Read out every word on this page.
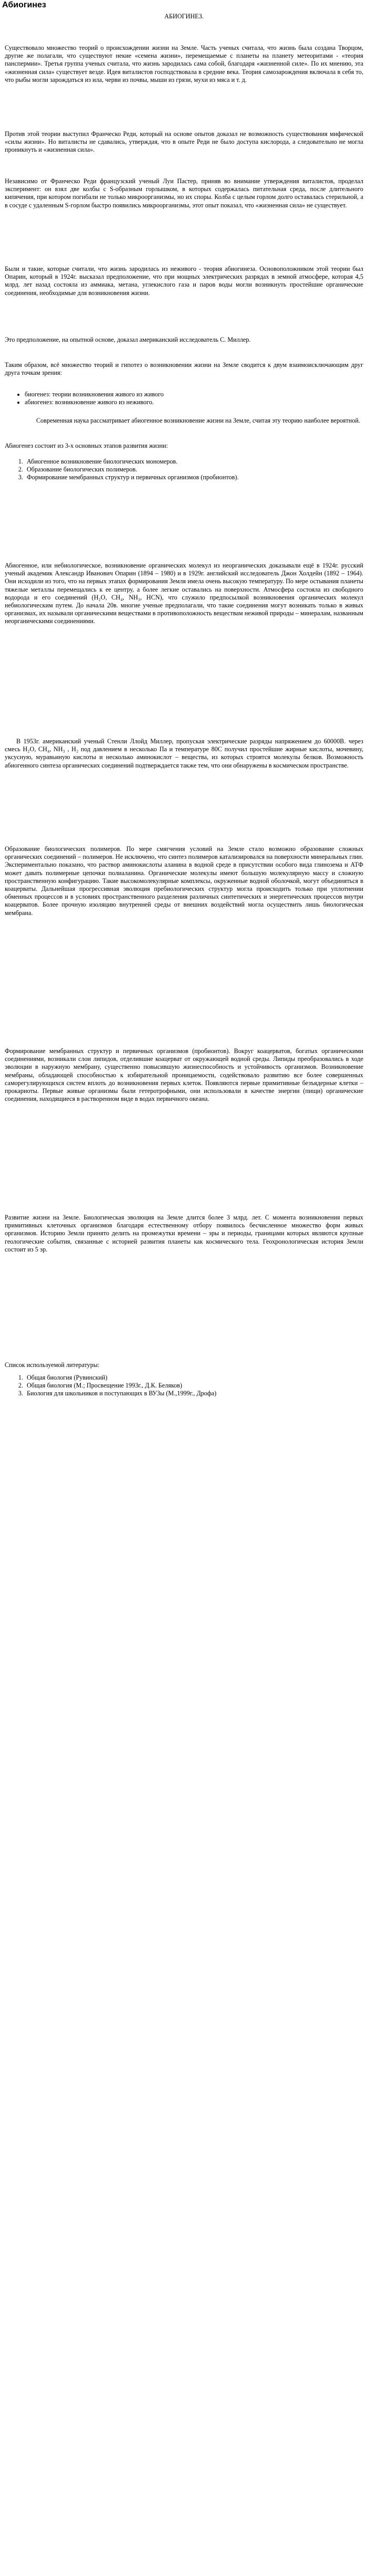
Абиогинез
АБИОГИНЕЗ.

Существовало множество теорий о происхождении жизни на Земле. Часть ученых считала, что жизнь была создана Творцом, другие же полагали, что существуют некие «семена жизни», перемещаемые с планеты на планету метеоритами - «теория панспермии». Третья группа ученых считала, что жизнь зародилась сама собой, благодаря «жизненной силе». По их мнению, эта «жизненная сила» существует везде. Идея виталистов господствовала в средние века. Теория самозарождения включала в себя то, что рыбы могли зарождаться из ила, черви из почвы, мыши из грязи, мухи из мяса и т. д.

Против этой теории выступил Франческо Реди, который на основе опытов доказал не возможность существования мифической «силы жизни». Но виталисты не сдавались, утверждая, что в опыте Реди не было доступа кислорода, а следовательно не могла проникнуть и «жизненная сила».

Независимо от Франческо Реди французский ученый Луи Пастер, приняв во внимание утверждения виталистов, проделал эксперимент: он взял две колбы с S-образным горлышком, в которых содержалась питательная среда, после длительного кипячения, при котором погибали не только микроорганизмы, но их споры. Колба с целым горлом долго оставалась стерильной, а в сосуде с удаленным S-горлом быстро появились микроорганизмы, этот опыт показал, что «жизненная сила» не существует.

Были и такие, которые считали, что жизнь зародилась из неживого - теория абиогинеза. Основоположником этой теории был Опарин, который в 1924г. высказал предположение, что при мощных электрических разрядах в земной атмосфере, которая 4,5 млрд. лет назад состояла из аммиака, метана, углекислого газа и паров воды могли возникнуть простейшие органические соединения, необходимые для возникновения жизни.

Это предположение, на опытной основе, доказал американский исследователь С. Миллер.

Таким образом, всё множество теорий и гипотез о возникновении жизни на Земле сводится к двум взаимоисключающим друг друга точкам зрения:

• биогенез: теории возникновения живого из живого
• абиогенез: возникновение живого из неживого.

Современная наука рассматривает абиогенное возникновение жизни на Земле, считая эту теорию наиболее вероятной.

Абиогенез состоит из 3-х основных этапов развития жизни:

1. Абиогенное возникновение биологических мономеров.
2. Образование биологических полимеров.
3. Формирование мембранных структур и первичных организмов (пробионтов).

Абиогенное, или небиологическое, возникновение органических молекул из неорганических доказывали ещё в 1924г. русский ученый академик Александр Иванович Опарин (1894 – 1980) и в 1929г. английский исследователь Джон Холдейн (1892 – 1964). Они исходили из того, что на первых этапах формирования Земля имела очень высокую температуру. По мере остывания планеты тяжелые металлы перемещались к ее центру, а более легкие оставались на поверхности. Атмосфера состояла из свободного водорода и его соединений (H₂O, CH₄, NH₃, HCN), что служило предпосылкой возникновения органических молекул небиологическим путем. До начала 20в. многие ученые предполагали, что такие соединения могут возникать только в живых организмах, их называли органическими веществами в противоположность веществам неживой природы – минералам, названным неорганическими соединениями.

В 1953г. американский ученый Стенли Ллойд Миллер, пропуская электрические разряды напряжением до 60000В. через смесь H₂O, CH₄, NH₃ , H₂ под давлением в несколько Па и температуре 80С получил простейшие жирные кислоты, мочевину, уксусную, муравьиную кислоты и несколько аминокислот – вещества, из которых строятся молекулы белков. Возможность абиогенного синтеза органических соединений подтверждается также тем, что они обнаружены в космическом пространстве.

Образование биологических полимеров. По мере смягчения условий на Земле стало возможно образование сложных органических соединений – полимеров. Не исключено, что синтез полимеров катализировался на поверхности минеральных глин. Экспериментально показано, что раствор аминокислоты аланина в водной среде в присутствии особого вида глинозема и АТФ может давать полимерные цепочки полиаланина. Органические молекулы имеют большую молекулярную массу и сложную пространственную конфигурацию. Такие высокомолекулярные комплексы, окруженные водной оболочкой, могут объединяться в коацерваты. Дальнейшая прогрессивная эволюция пребиологических структур могла происходить только при уплотнении обменных процессов и в условиях пространственного разделения различных синтетических и энергетических процессов внутри коацерватов. Более прочную изоляцию внутренней среды от внешних воздействий могла осуществить лишь биологическая мембрана.

Формирование мембранных структур и первичных организмов (пробионтов). Вокруг коацерватов, богатых органическими соединениями, возникали слои липидов, отделившие коацерват от окружающей водной среды. Липиды преобразовались в ходе эволюции в наружную мембрану, существенно повысившую жизнеспособность и устойчивость организмов. Возникновение мембраны, обладающей способностью к избирательной проницаемости, содействовало развитию все более совершенных саморегулирующихся систем вплоть до возникновения первых клеток. Появляются первые примитивные безъядерные клетки – прокариоты. Первые живые организмы были гетеротрофными, они использовали в качестве энергии (пищи) органические соединения, находящиеся в растворенном виде в водах первичного океана.

Развитие жизни на Земле. Биологическая эволюция на Земле длится более 3 млрд. лет. С момента возникновения первых примитивных клеточных организмов благодаря естественному отбору появилось бесчисленное множество форм живых организмов. Историю Земли принято делить на промежутки времени – эры и периоды, границами которых являются крупные геологические события, связанные с историей развития планеты как космического тела. Геохронологическая история Земли состоит из 5 эр.

Список используемой литературы:

1. Общая биология (Рувинский)
2. Общая биология (М.; Просвещение 1993г., Д.К. Беляков)
3. Биология для школьников и поступающих в ВУЗы (М.,1999г., Дрофа)
